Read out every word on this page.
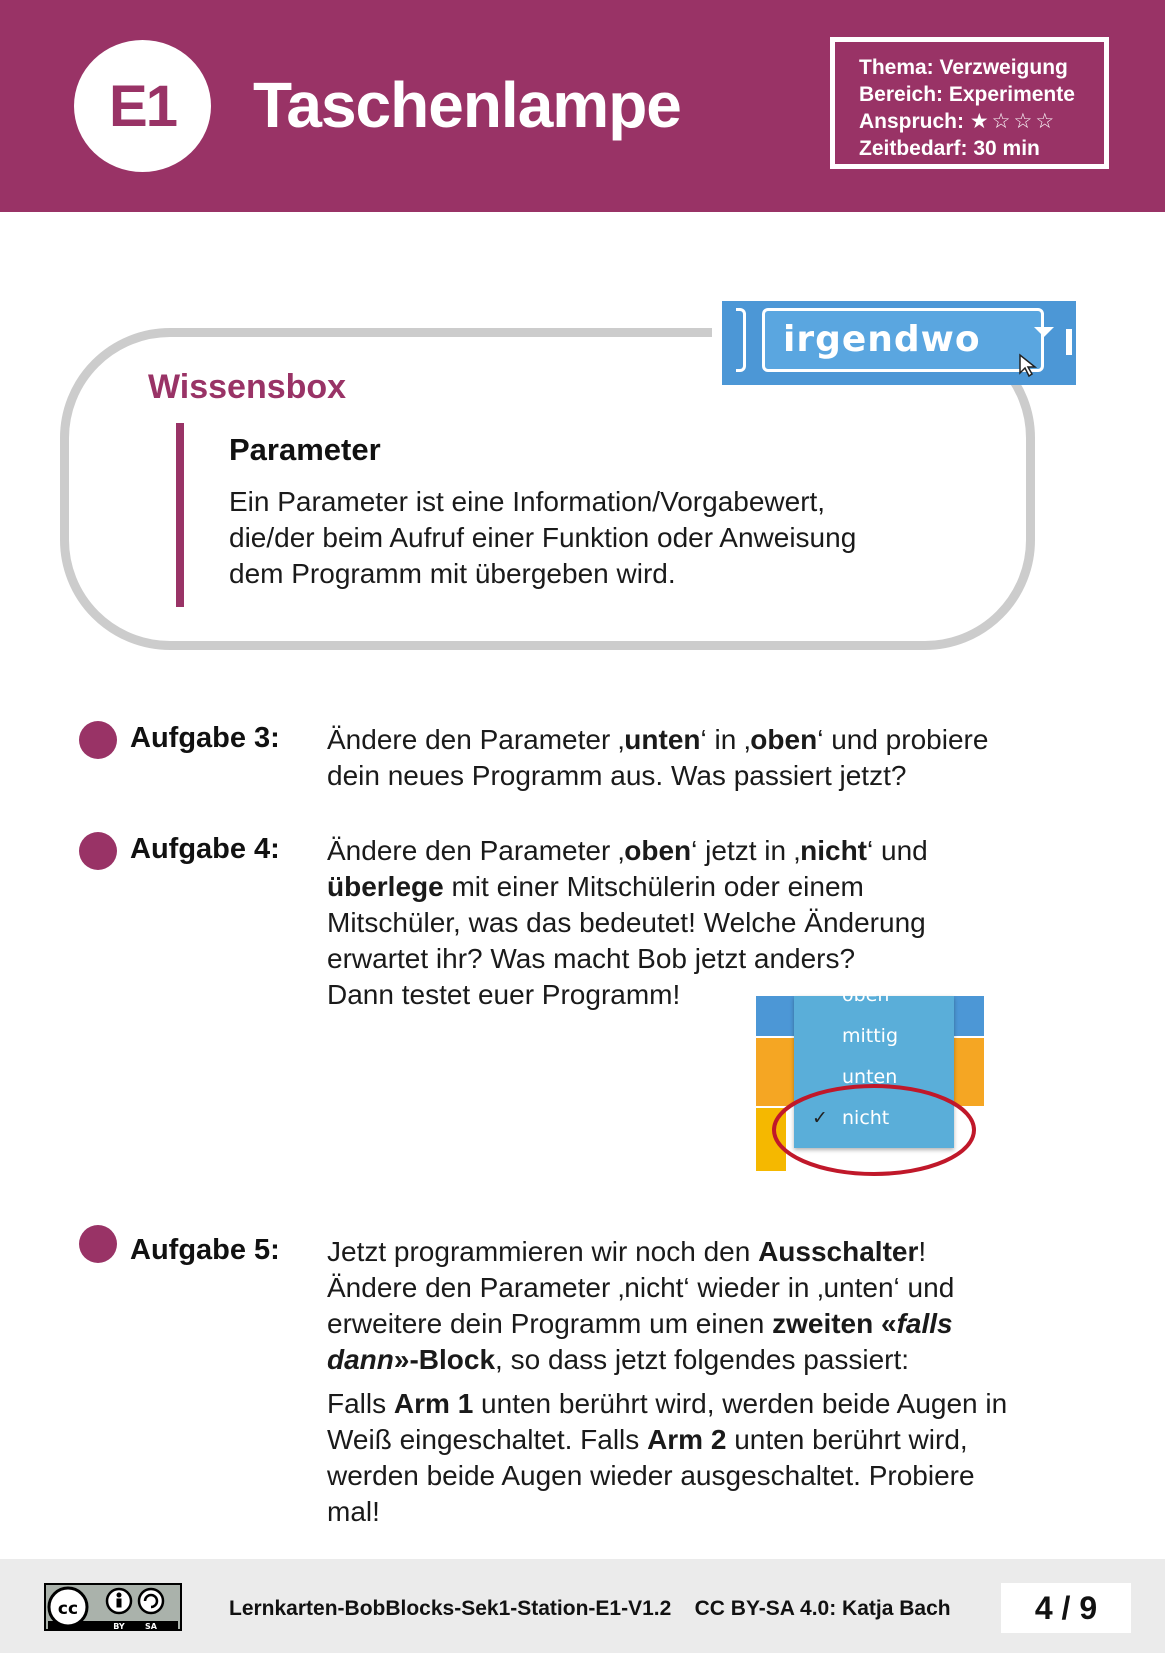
E1	Taschenlampe
Thema: Verzweigung
Bereich: Experimente
Anspruch: ★ ☆ ☆ ☆
Zeitbedarf: 30 min
irgendwo
Wissensbox
Parameter
Ein Parameter ist eine Information/Vorgabewert,
die/der beim Aufruf einer Funktion oder Anweisung
dem Programm mit übergeben wird.
Aufgabe 3: Ändere den Parameter ‚unten‘ in ‚oben‘ und probiere

dein neues Programm aus. Was passiert jetzt?

Aufgabe 4: Ändere den Parameter ‚oben‘ jetzt in ‚nicht‘ und

überlege mit einer Mitschülerin oder einem

Mitschüler, was das bedeutet! Welche Änderung

erwartet ihr? Was macht Bob jetzt anders?

Dann testet euer Programm!	oben
mittig
unten
✓ nicht
Aufgabe 5: Jetzt programmieren wir noch den Ausschalter!

Ändere den Parameter ‚nicht‘ wieder in ‚unten‘ und

erweitere dein Programm um einen zweiten «falls

dann»-Block, so dass jetzt folgendes passiert:

Falls Arm 1 unten berührt wird, werden beide Augen in

Weiß eingeschaltet. Falls Arm 2 unten berührt wird,

werden beide Augen wieder ausgeschaltet. Probiere

mal!

cc
BY	SA
Lernkarten-BobBlocks-Sek1-Station-E1-V1.2    CC BY-SA 4.0: Katja Bach	4 / 9
